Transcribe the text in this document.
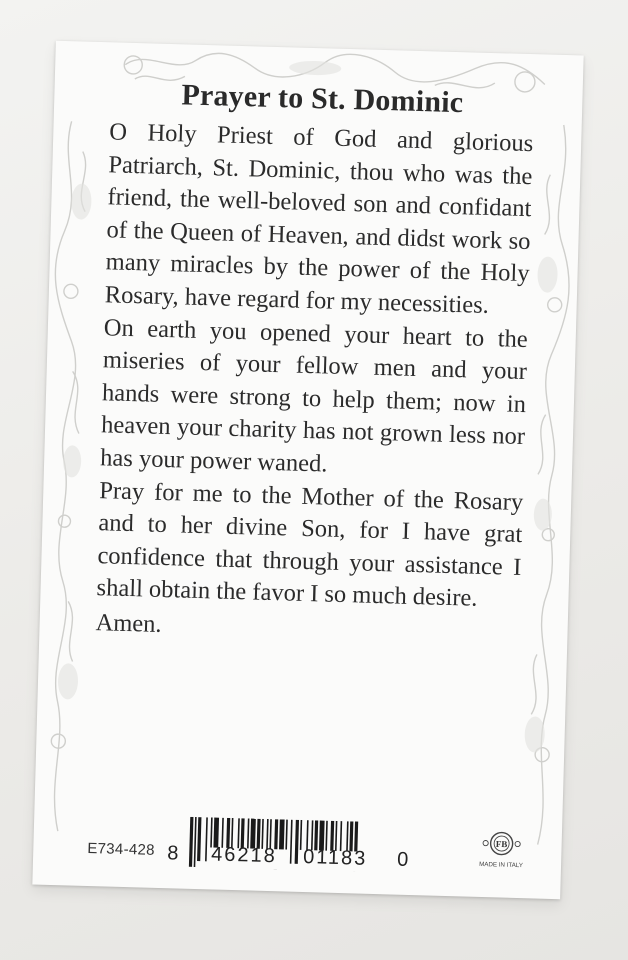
Prayer to St. Dominic

O Holy Priest of God and glorious Patriarch, St. Dominic, thou who was the friend, the well-beloved son and confidant of the Queen of Heaven, and didst work so many miracles by the power of the Holy Rosary, have regard for my necessities.

On earth you opened your heart to the miseries of your fellow men and your hands were strong to help them; now in heaven your charity has not grown less nor has your power waned.

Pray for me to the Mother of the Rosary and to her divine Son, for I have grat confidence that through your assistance I shall obtain the favor I so much desire.

Amen.
E734-428 8 46218 01183 0
FB
MADE IN ITALY
